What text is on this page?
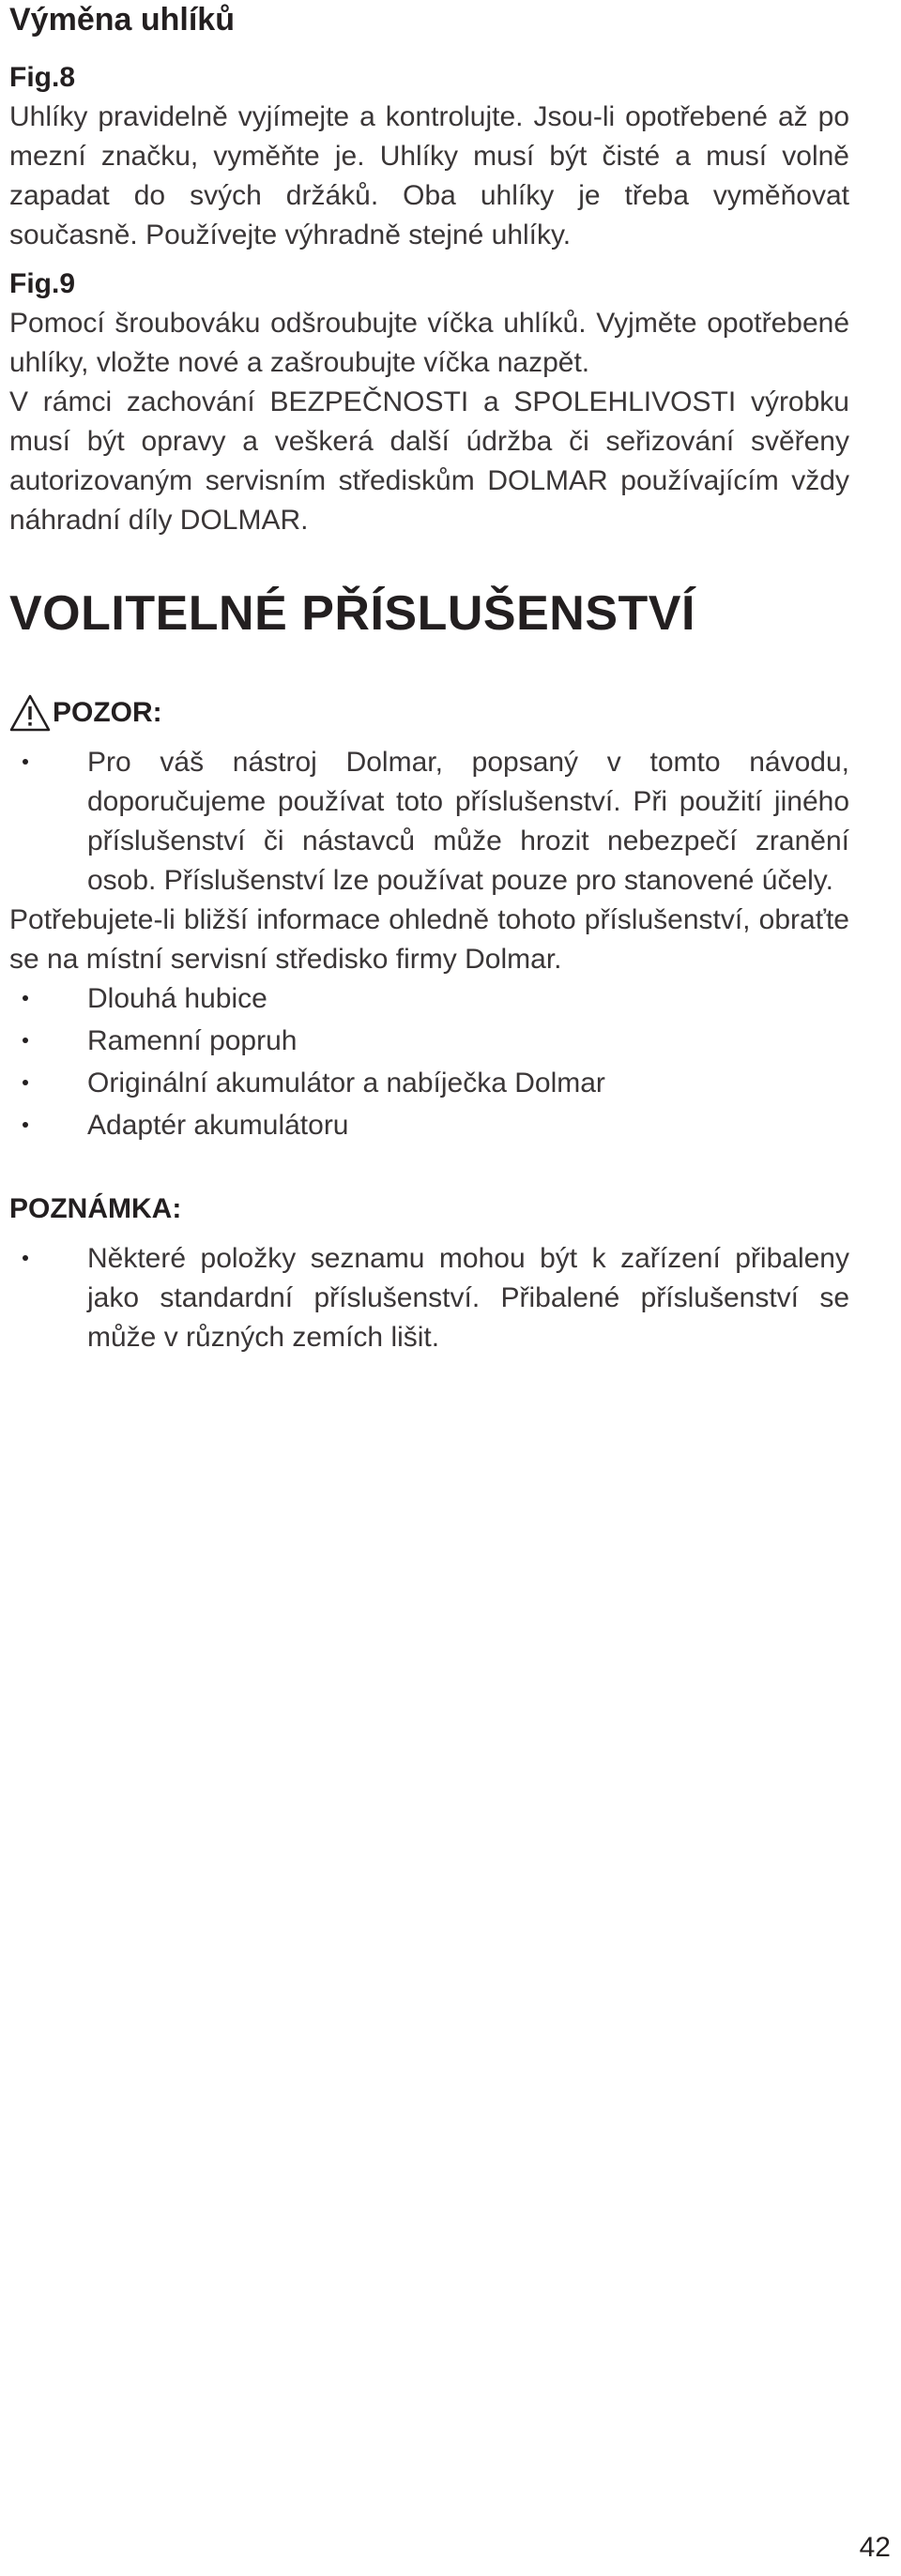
Výměna uhlíků
Fig.8

Uhlíky pravidelně vyjímejte a kontrolujte. Jsou-li opotřebené až po mezní značku, vyměňte je. Uhlíky musí být čisté a musí volně zapadat do svých držáků. Oba uhlíky je třeba vyměňovat současně. Používejte výhradně stejné uhlíky.

Fig.9

Pomocí šroubováku odšroubujte víčka uhlíků. Vyjměte opotřebené uhlíky, vložte nové a zašroubujte víčka nazpět.

V rámci zachování BEZPEČNOSTI a SPOLEHLIVOSTI výrobku musí být opravy a veškerá další údržba či seřizování svěřeny autorizovaným servisním střediskům DOLMAR používajícím vždy náhradní díly DOLMAR.

VOLITELNÉ PŘÍSLUŠENSTVÍ
POZOR:
Pro váš nástroj Dolmar, popsaný v tomto návodu, doporučujeme používat toto příslušenství. Při použití jiného příslušenství či nástavců může hrozit nebezpečí zranění osob. Příslušenství lze používat pouze pro stanovené účely.

Potřebujete-li bližší informace ohledně tohoto příslušenství, obraťte se na místní servisní středisko firmy Dolmar.

Dlouhá hubice
Ramenní popruh
Originální akumulátor a nabíječka Dolmar
Adaptér akumulátoru
POZNÁMKA:
Některé položky seznamu mohou být k zařízení přibaleny jako standardní příslušenství. Přibalené příslušenství se může v různých zemích lišit.
42
